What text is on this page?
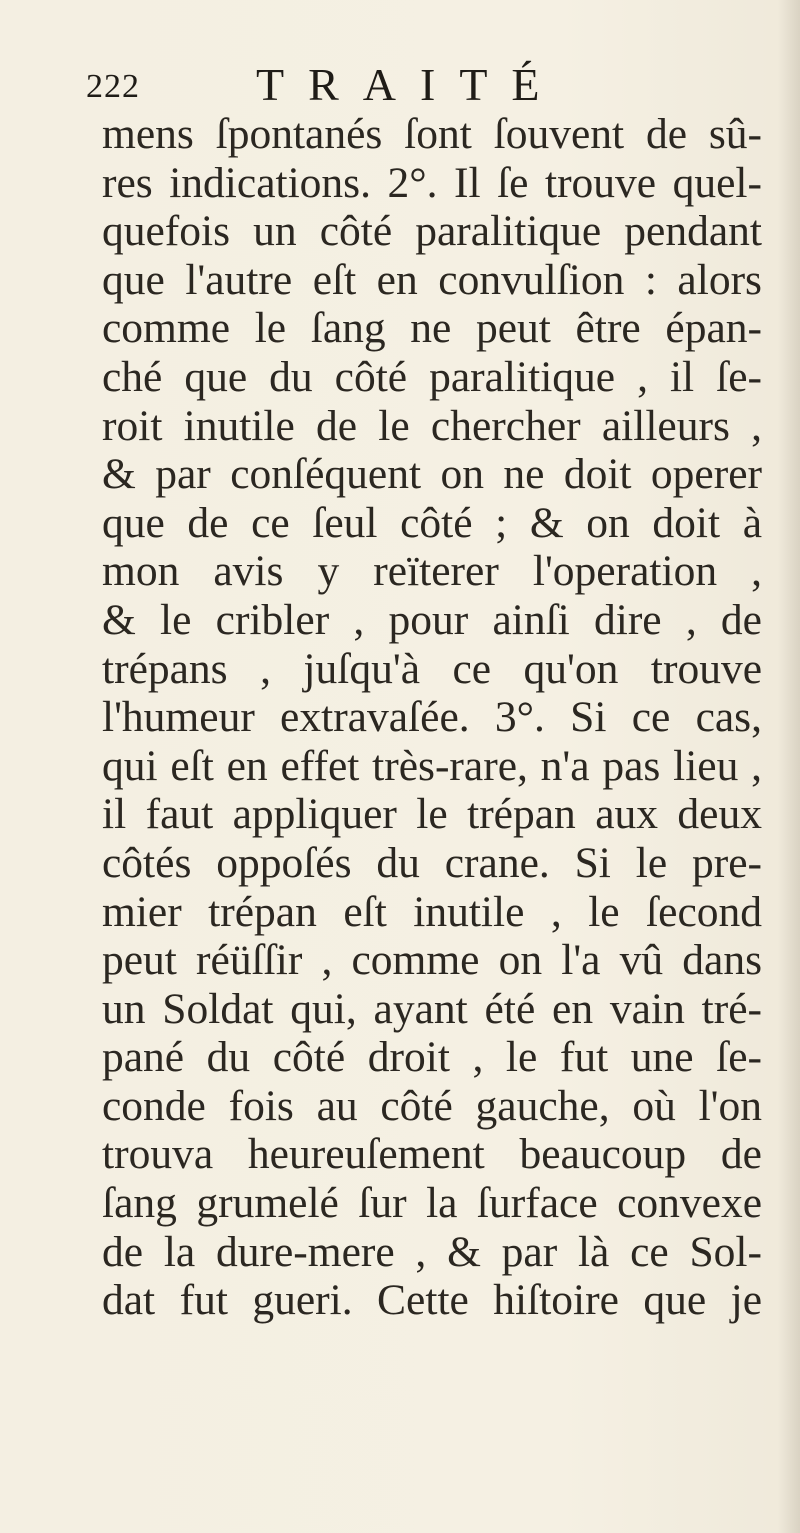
222	TRAITÉ
mens ſpontanés ſont ſouvent de sû-
res indications. 2°. Il ſe trouve quel-
quefois un côté paralitique pendant
que l'autre eſt en convulſion : alors
comme le ſang ne peut être épan-
ché que du côté paralitique , il ſe-
roit inutile de le chercher ailleurs ,
& par conſéquent on ne doit operer
que de ce ſeul côté ; & on doit à
mon avis y reïterer l'operation ,
& le cribler , pour ainſi dire , de
trépans , juſqu'à ce qu'on trouve
l'humeur extravaſée. 3°. Si ce cas,
qui eſt en effet très-rare, n'a pas lieu ,
il faut appliquer le trépan aux deux
côtés oppoſés du crane. Si le pre-
mier trépan eſt inutile , le ſecond
peut réüſſir , comme on l'a vû dans
un Soldat qui, ayant été en vain tré-
pané du côté droit , le fut une ſe-
conde fois au côté gauche, où l'on
trouva heureuſement beaucoup de
ſang grumelé ſur la ſurface convexe
de la dure-mere , & par là ce Sol-
dat fut gueri. Cette hiſtoire que je
